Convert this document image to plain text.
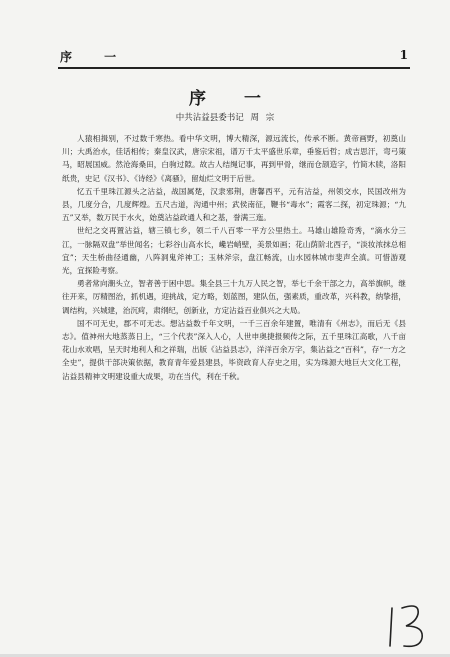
序 一	1
序 一
中共沾益县委书记 周 宗

人猿相揖别，不过数千寒热。看中华文明，博大精深，源远流长，传承不断。黄帝画野，初奠山川；大禹治水，佳话相传；秦皇汉武，唐宗宋祖，谱万千太平盛世乐章，垂鉴后哲；成吉思汗，弯弓策马，昭展国威。然沧海桑田，白驹过隙。故古人结绳记事，再到甲骨，继而仓颉造字，竹简木牍，洛阳纸贵，史记《汉书》、《诗经》《离骚》，留灿烂文明于后世。

忆五千里珠江源头之沾益，战国属楚，汉隶邪荆，唐馨西平，元有沾益，州领交水，民国改州为县，几度分合，几度辉煌。五尺古道，沟通中州；武侯南征，鞭书“毒水”；霞客二探，初定珠源；“九五”又举，数万民于水火，始奠沾益政通人和之基，誉满三迤。

世纪之交再置沾益，辖三镇七乡，领二千八百零一平方公里热土。马雄山雄险奇秀，“滴水分三江，一脉隔双盘”举世闻名；七彩谷山高水长，巉岩峭壁，美景如画；花山荫阶北西子，“淡妆浓抹总相宜”；天生桥曲径通幽，八阵洞鬼斧神工；玉林斧宗，盘江畅流，山水园林城市斐声全滇。可惜游观光，宜探险考察。

勇者常向潮头立，智者善于困中思。集全县三十九万人民之智，举七千余干部之力，高举旗帜，继往开来，厉精图治，抓机遇，迎挑战，定方略，划蓝图，建队伍，强素质，重改革，兴科教，纳挚措，调结构，兴城建，治沉疴，肃纲纪，创新业，方定沾益百业俱兴之大局。

国不可无史，郡不可无志。想沾益数千年文明，一千三百余年建置，唯清有《州志》，而后无《县志》。值神州大地蒸蒸日上，“三个代表”深入人心，人世申奥捷报频传之际，五千里珠江高歌，八千亩花山水欢唱，呈天时地利人和之祥瑞，出版《沾益县志》，洋洋百余万字，集沾益之“百科”，存“一方之全史”，提供干部决策依据，教育青年爱县建县，毕资政育人存史之用，实为珠源大地巨大文化工程，沾益县精神文明建设重大成果，功在当代，利在千秋。
